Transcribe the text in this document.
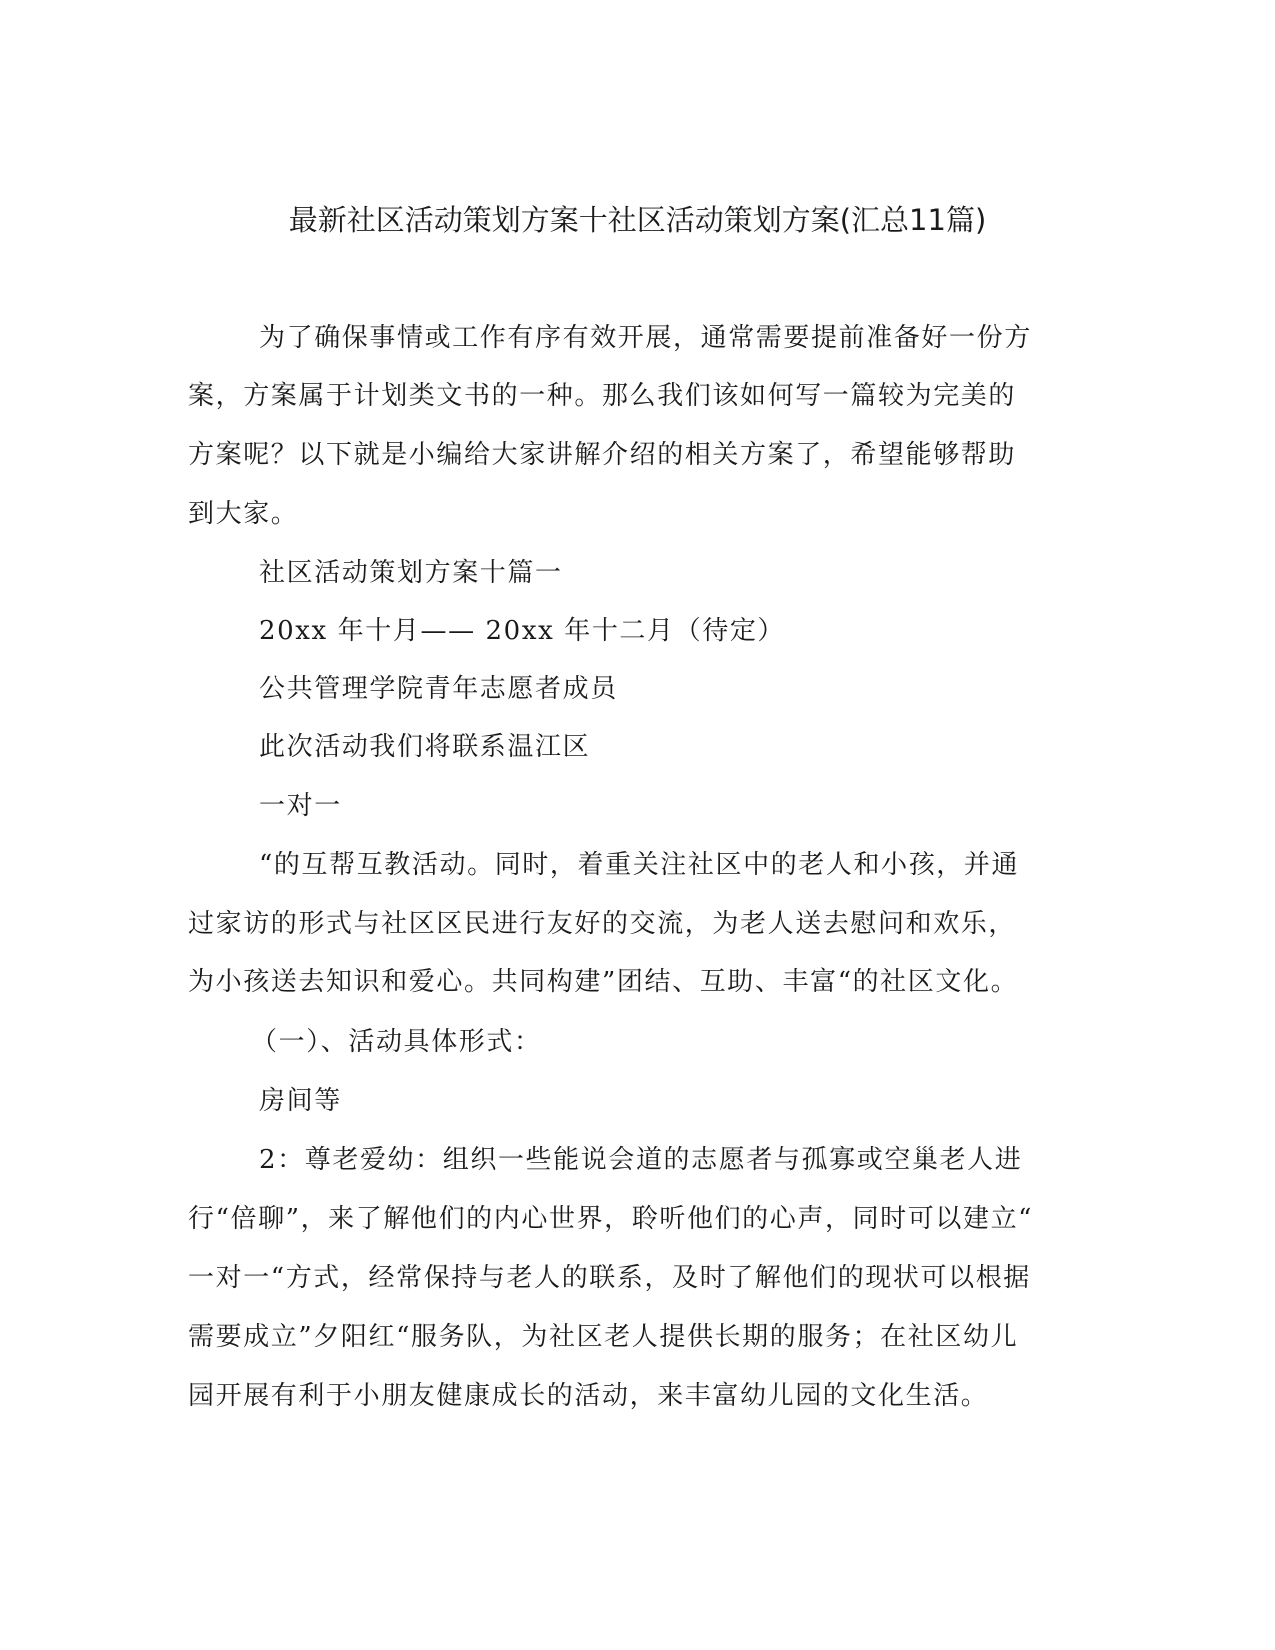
最新社区活动策划方案十社区活动策划方案(汇总11篇)
为了确保事情或工作有序有效开展，通常需要提前准备好一份方
案，方案属于计划类文书的一种。那么我们该如何写一篇较为完美的
方案呢？以下就是小编给大家讲解介绍的相关方案了，希望能够帮助
到大家。
社区活动策划方案十篇一
20xx 年十月—— 20xx 年十二月（待定）
公共管理学院青年志愿者成员
此次活动我们将联系温江区
一对一
“的互帮互教活动。同时，着重关注社区中的老人和小孩，并通
过家访的形式与社区区民进行友好的交流，为老人送去慰问和欢乐，
为小孩送去知识和爱心。共同构建”团结、互助、丰富“的社区文化。
（一）、活动具体形式：
房间等
2：尊老爱幼：组织一些能说会道的志愿者与孤寡或空巢老人进
行“倍聊”，来了解他们的内心世界，聆听他们的心声，同时可以建立“
一对一“方式，经常保持与老人的联系，及时了解他们的现状可以根据
需要成立”夕阳红“服务队，为社区老人提供长期的服务；在社区幼儿
园开展有利于小朋友健康成长的活动，来丰富幼儿园的文化生活。
